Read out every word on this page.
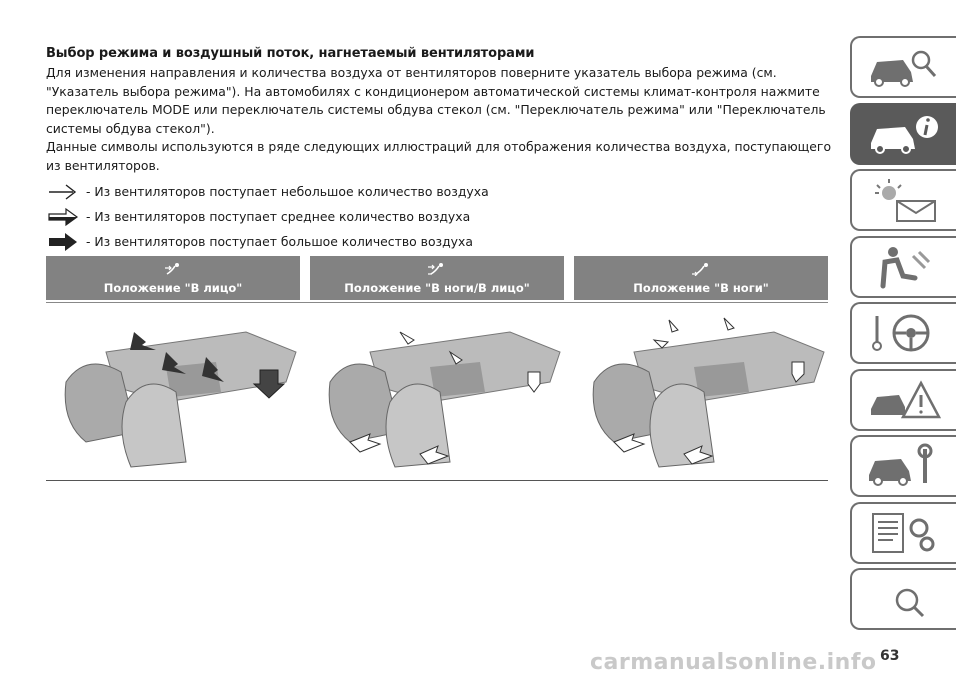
Выбор режима и воздушный поток, нагнетаемый вентиляторами

Для изменения направления и количества воздуха от вентиляторов поверните указатель выбора режима (см. "Указатель выбора режима"). На автомобилях с кондиционером автоматической системы климат-контроля нажмите переключатель MODE или переключатель системы обдува стекол (см. "Переключатель режима" или "Переключатель системы обдува стекол").

Данные символы используются в ряде следующих иллюстраций для отображения количества воздуха, поступающего из вентиляторов.

- Из вентиляторов поступает небольшое количество воздуха
- Из вентиляторов поступает среднее количество воздуха
- Из вентиляторов поступает большое количество воздуха
Положение "В лицо"	Положение "В ноги/В лицо"	Положение "В ноги"
63
carmanualsonline.info
